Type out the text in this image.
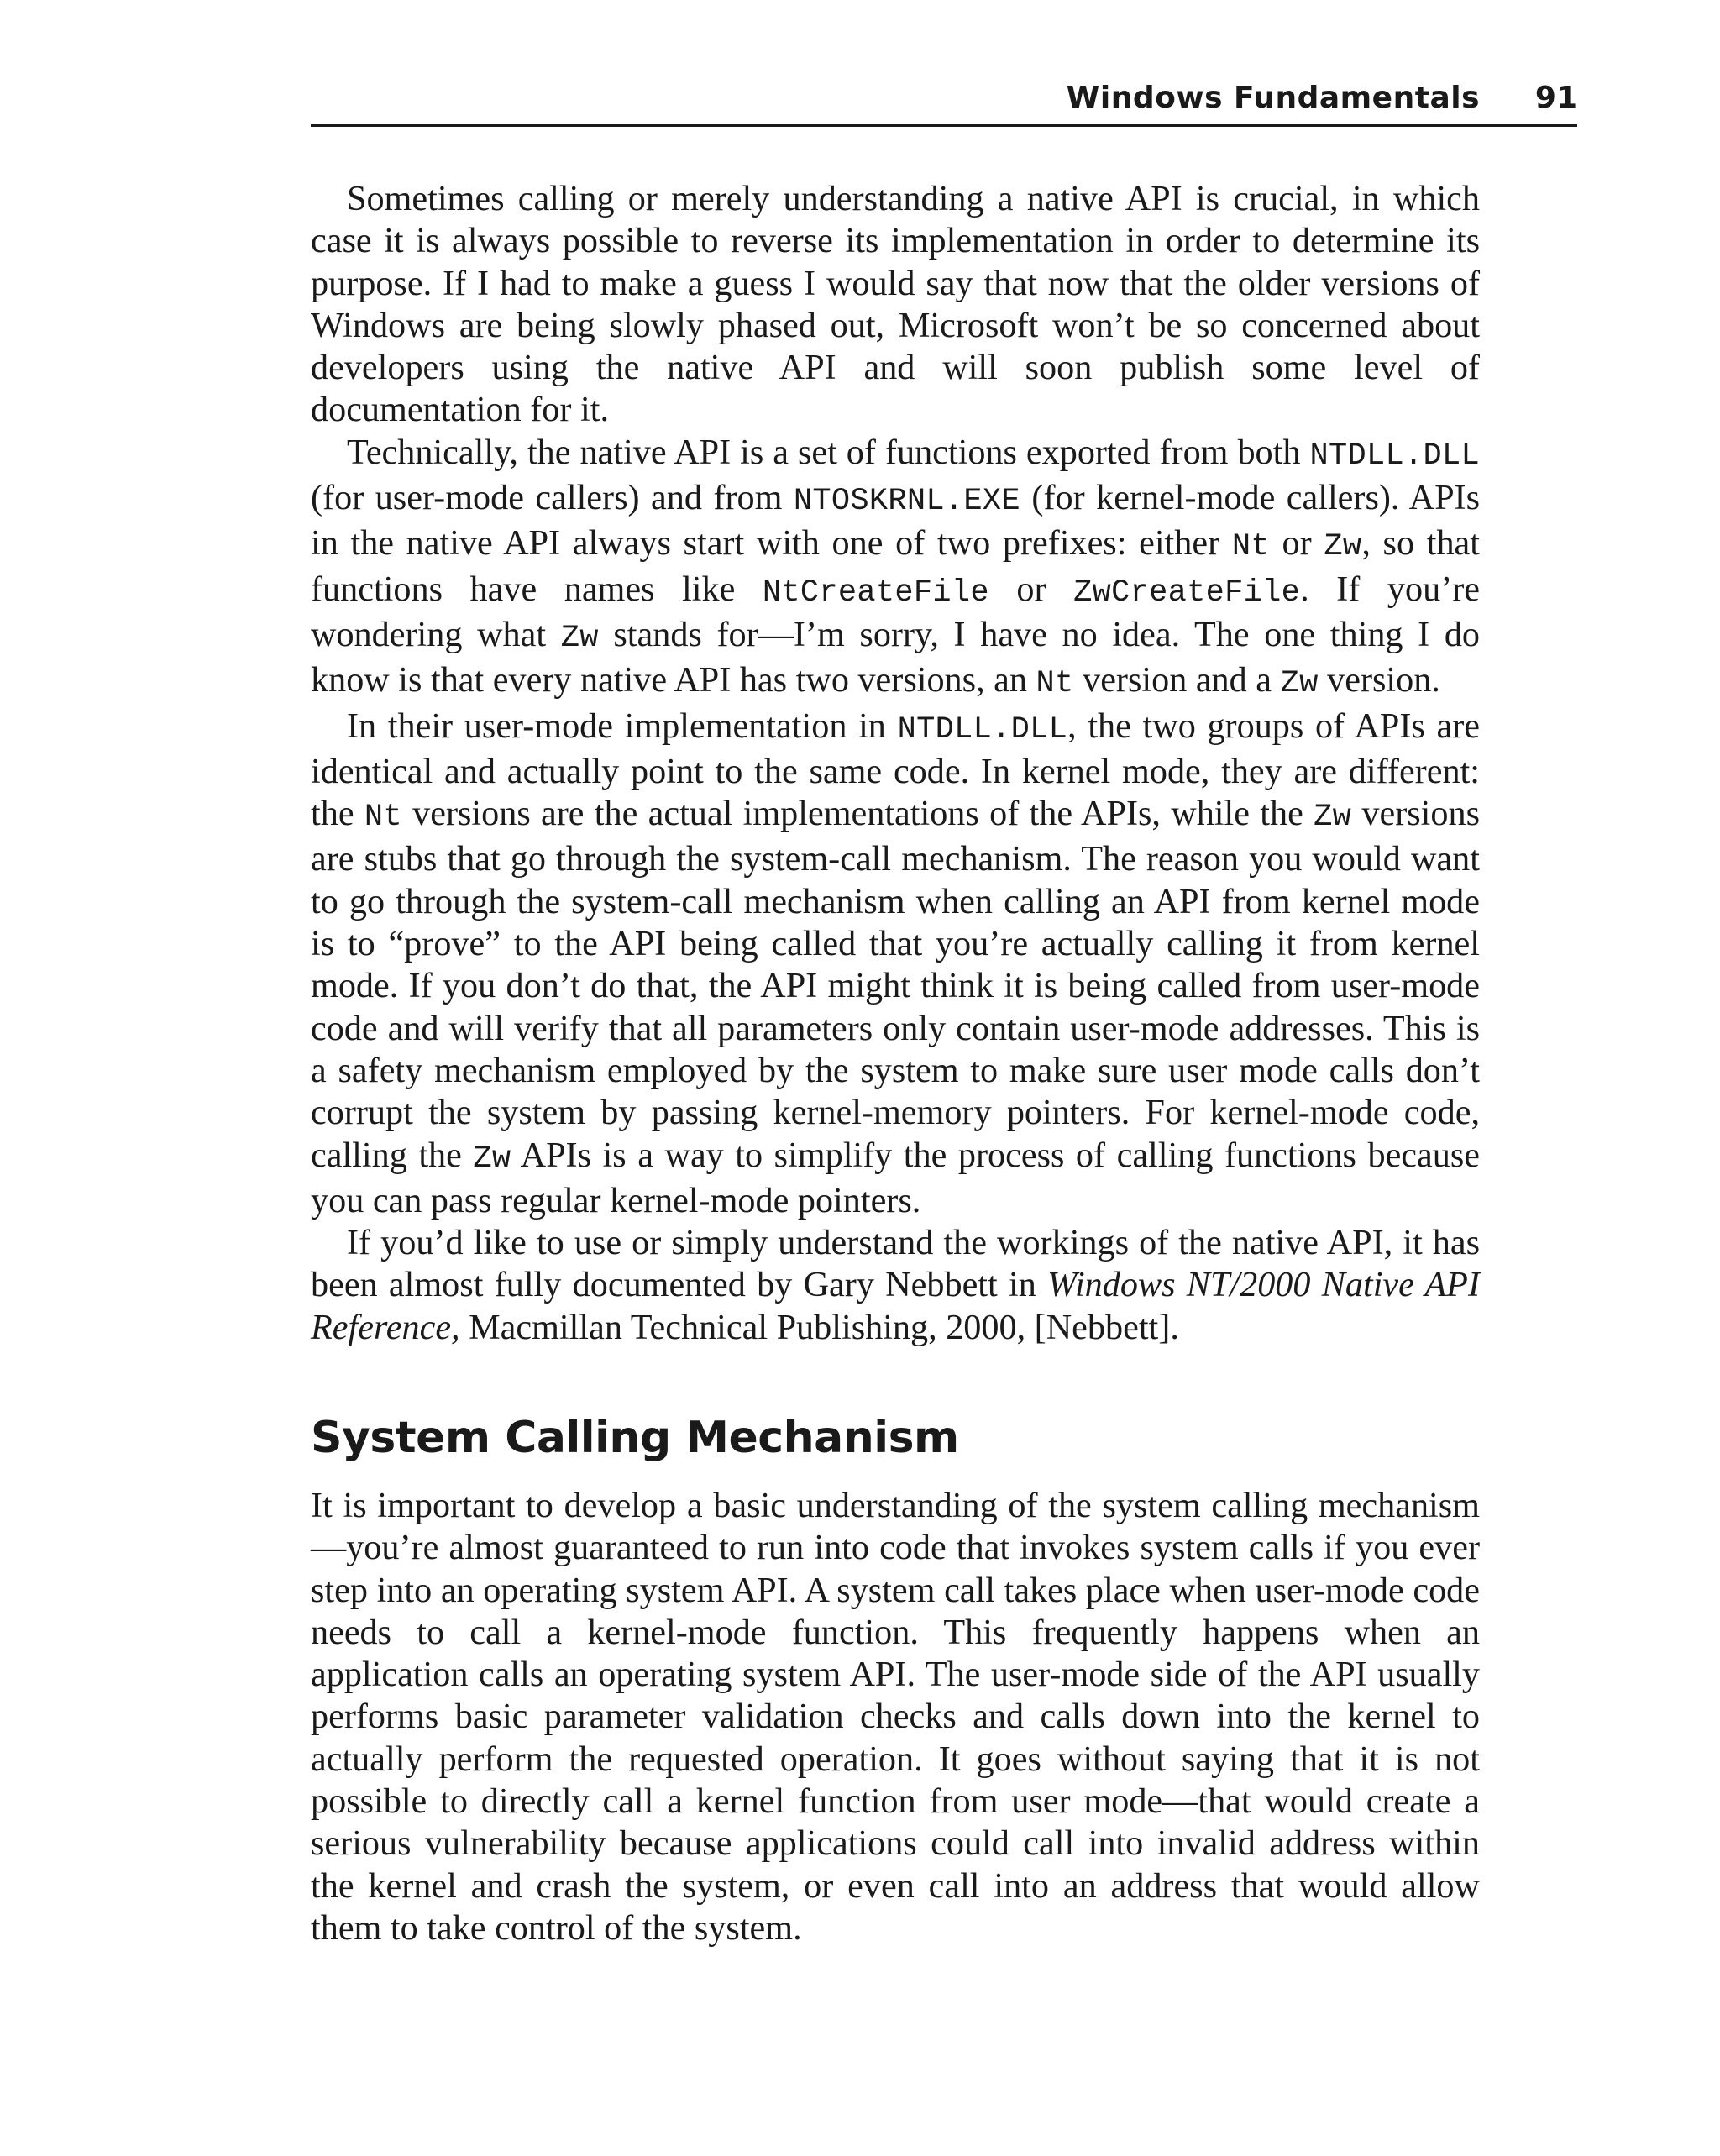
Windows Fundamentals 91

Sometimes calling or merely understanding a native API is crucial, in which case it is always possible to reverse its implementation in order to determine its purpose. If I had to make a guess I would say that now that the older versions of Windows are being slowly phased out, Microsoft won’t be so concerned about developers using the native API and will soon publish some level of documentation for it.

Technically, the native API is a set of functions exported from both NTDLL.DLL (for user-mode callers) and from NTOSKRNL.EXE (for kernel-mode callers). APIs in the native API always start with one of two prefixes: either Nt or Zw, so that functions have names like NtCreateFile or ZwCreateFile. If you’re wondering what Zw stands for—I’m sorry, I have no idea. The one thing I do know is that every native API has two versions, an Nt version and a Zw version.

In their user-mode implementation in NTDLL.DLL, the two groups of APIs are identical and actually point to the same code. In kernel mode, they are different: the Nt versions are the actual implementations of the APIs, while the Zw versions are stubs that go through the system-call mechanism. The reason you would want to go through the system-call mechanism when calling an API from kernel mode is to “prove” to the API being called that you’re actually calling it from kernel mode. If you don’t do that, the API might think it is being called from user-mode code and will verify that all parameters only contain user-mode addresses. This is a safety mechanism employed by the system to make sure user mode calls don’t corrupt the system by passing kernel-memory pointers. For kernel-mode code, calling the Zw APIs is a way to simplify the process of calling functions because you can pass regular kernel-mode pointers.

If you’d like to use or simply understand the workings of the native API, it has been almost fully documented by Gary Nebbett in Windows NT/2000 Native API Reference, Macmillan Technical Publishing, 2000, [Nebbett].

System Calling Mechanism

It is important to develop a basic understanding of the system calling mechanism—you’re almost guaranteed to run into code that invokes system calls if you ever step into an operating system API. A system call takes place when user-mode code needs to call a kernel-mode function. This frequently happens when an application calls an operating system API. The user-mode side of the API usually performs basic parameter validation checks and calls down into the kernel to actually perform the requested operation. It goes without saying that it is not possible to directly call a kernel function from user mode—that would create a serious vulnerability because applications could call into invalid address within the kernel and crash the system, or even call into an address that would allow them to take control of the system.
